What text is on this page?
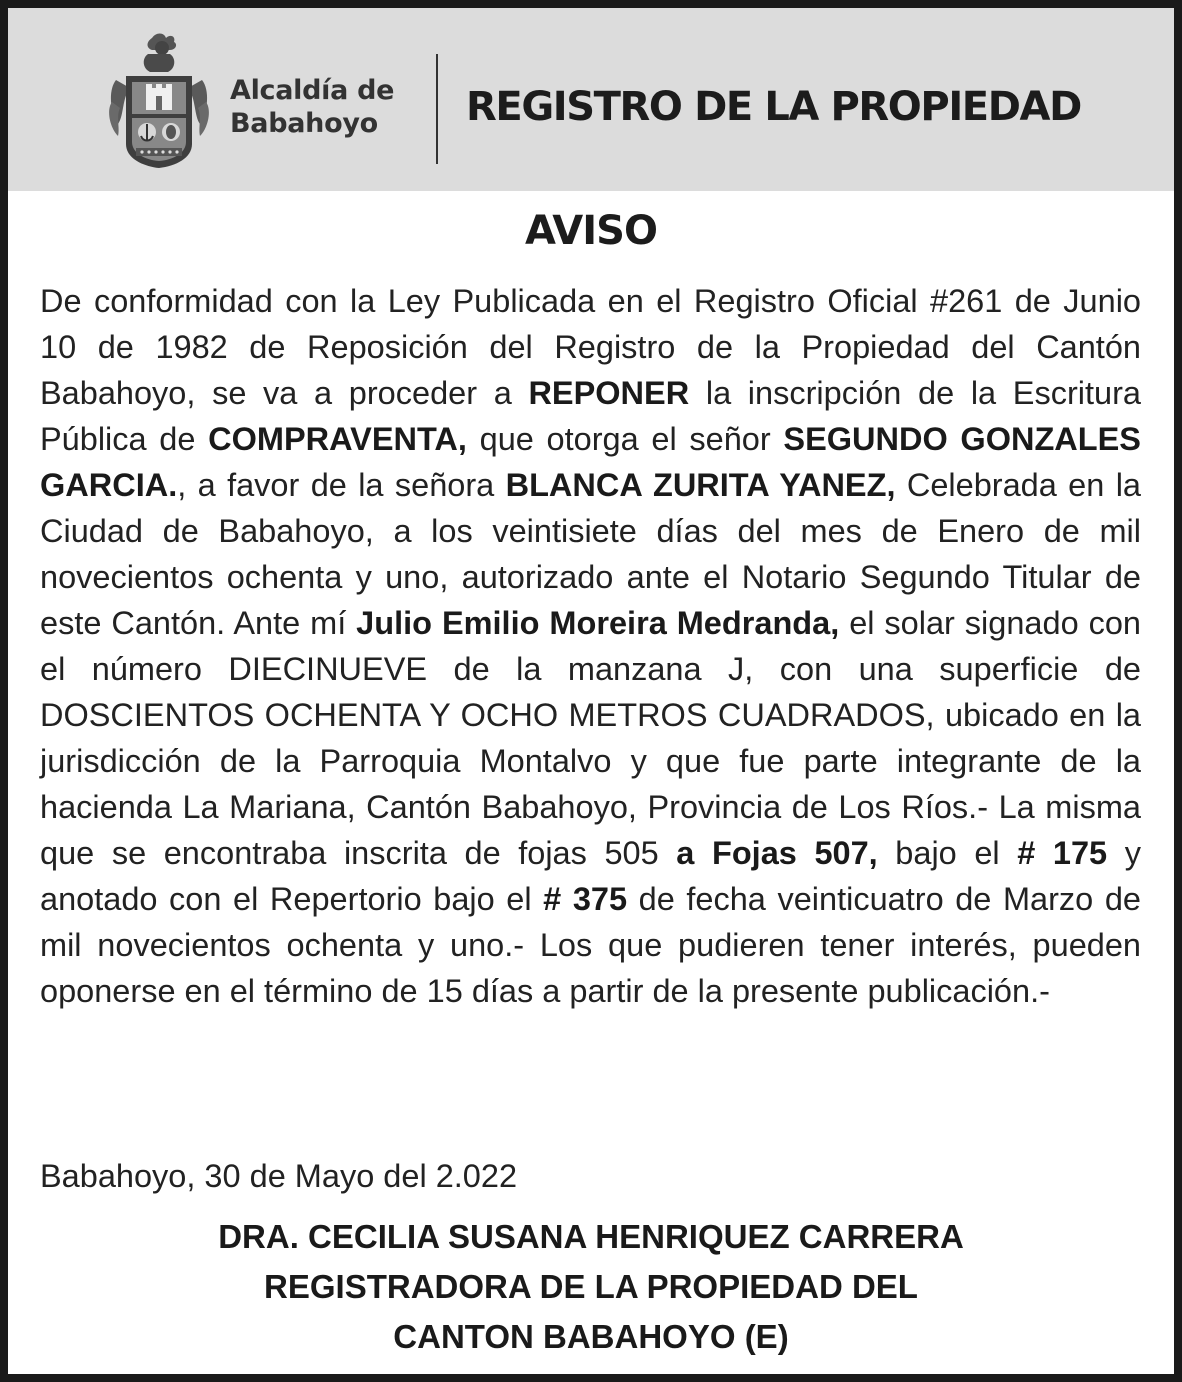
Alcaldía de
Babahoyo	REGISTRO DE LA PROPIEDAD
AVISO
De conformidad con la Ley Publicada en el Registro Oficial #261 de Junio 10 de 1982 de Reposición del Registro de la Propiedad del Cantón Babahoyo, se va a proceder a REPONER la inscripción de la Escritura Pública de COMPRAVENTA, que otorga el señor SEGUNDO GONZALES GARCIA., a favor de la señora BLANCA ZURITA YANEZ, Celebrada en la Ciudad de Babahoyo, a los veintisiete días del mes de Enero de mil novecientos ochenta y uno, autorizado ante el Notario Segundo Titular de este Cantón. Ante mí Julio Emilio Moreira Medranda, el solar signado con el número DIECINUEVE de la manzana J, con una superficie de DOSCIENTOS OCHENTA Y OCHO METROS CUADRADOS, ubicado en la jurisdicción de la Parroquia Montalvo y que fue parte integrante de la hacienda La Mariana, Cantón Babahoyo, Provincia de Los Ríos.- La misma que se encontraba inscrita de fojas 505 a Fojas 507, bajo el # 175 y anotado con el Repertorio bajo el # 375 de fecha veinticuatro de Marzo de mil novecientos ochenta y uno.- Los que pudieren tener interés, pueden oponerse en el término de 15 días a partir de la presente publicación.-
Babahoyo, 30 de Mayo del 2.022
DRA. CECILIA SUSANA HENRIQUEZ CARRERA
REGISTRADORA DE LA PROPIEDAD DEL
CANTON BABAHOYO (E)
